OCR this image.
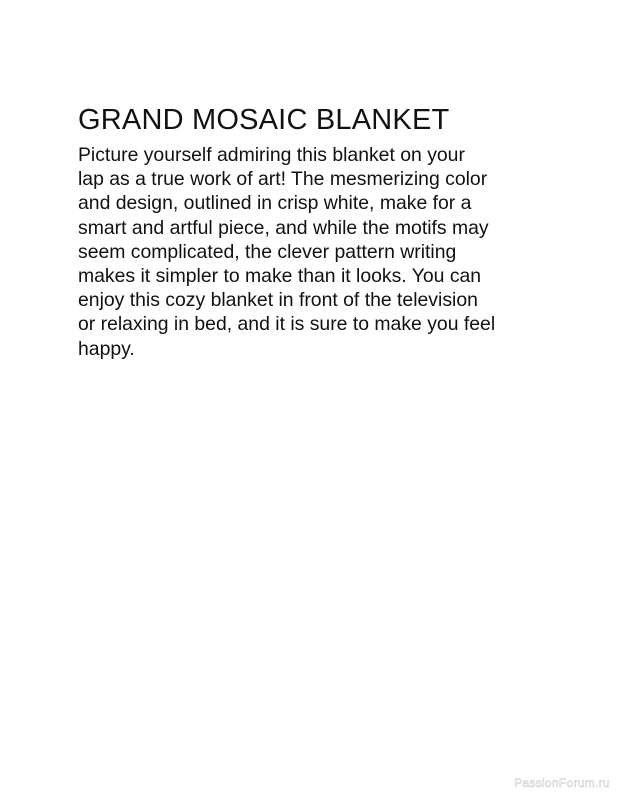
GRAND MOSAIC BLANKET

Picture yourself admiring this blanket on your
lap as a true work of art! The mesmerizing color
and design, outlined in crisp white, make for a
smart and artful piece, and while the motifs may
seem complicated, the clever pattern writing
makes it simpler to make than it looks. You can
enjoy this cozy blanket in front of the television
or relaxing in bed, and it is sure to make you feel
happy.

PassionForum.ru
